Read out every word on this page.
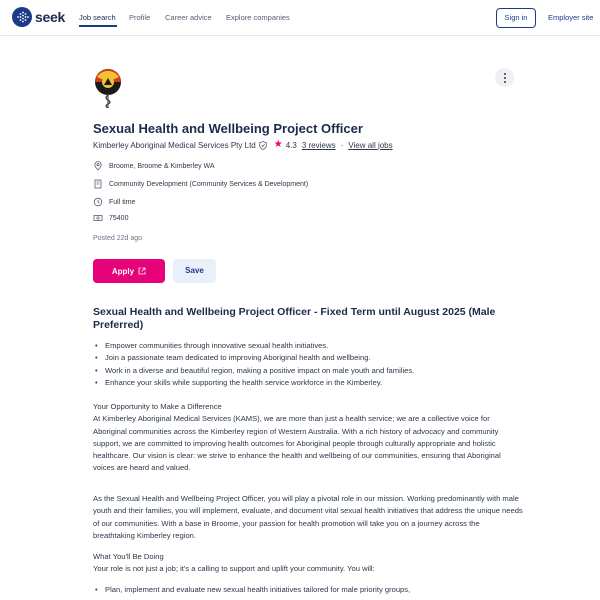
seek Job search Profile Career advice Explore companies	Sign in	Employer site
Sexual Health and Wellbeing Project Officer
Kimberley Aboriginal Medical Services Pty Ltd ★ 4.3 3 reviews · View all jobs
Broome, Broome & Kimberley WA
Community Development (Community Services & Development)
Full time
75400
Posted 22d ago
Apply	Save
Sexual Health and Wellbeing Project Officer - Fixed Term until August 2025 (Male Preferred)
• Empower communities through innovative sexual health initiatives.
• Join a passionate team dedicated to improving Aboriginal health and wellbeing.
• Work in a diverse and beautiful region, making a positive impact on male youth and families.
• Enhance your skills while supporting the health service workforce in the Kimberley.

Your Opportunity to Make a Difference

At Kimberley Aboriginal Medical Services (KAMS), we are more than just a health service; we are a collective voice for Aboriginal communities across the Kimberley region of Western Australia. With a rich history of advocacy and community support, we are committed to improving health outcomes for Aboriginal people through culturally appropriate and holistic healthcare. Our vision is clear: we strive to enhance the health and wellbeing of our communities, ensuring that Aboriginal voices are heard and valued.

As the Sexual Health and Wellbeing Project Officer, you will play a pivotal role in our mission. Working predominantly with male youth and their families, you will implement, evaluate, and document vital sexual health initiatives that address the unique needs of our communities. With a base in Broome, your passion for health promotion will take you on a journey across the breathtaking Kimberley region.

What You'll Be Doing

Your role is not just a job; it's a calling to support and uplift your community. You will:

• Plan, implement and evaluate new sexual health initiatives tailored for male priority groups,
